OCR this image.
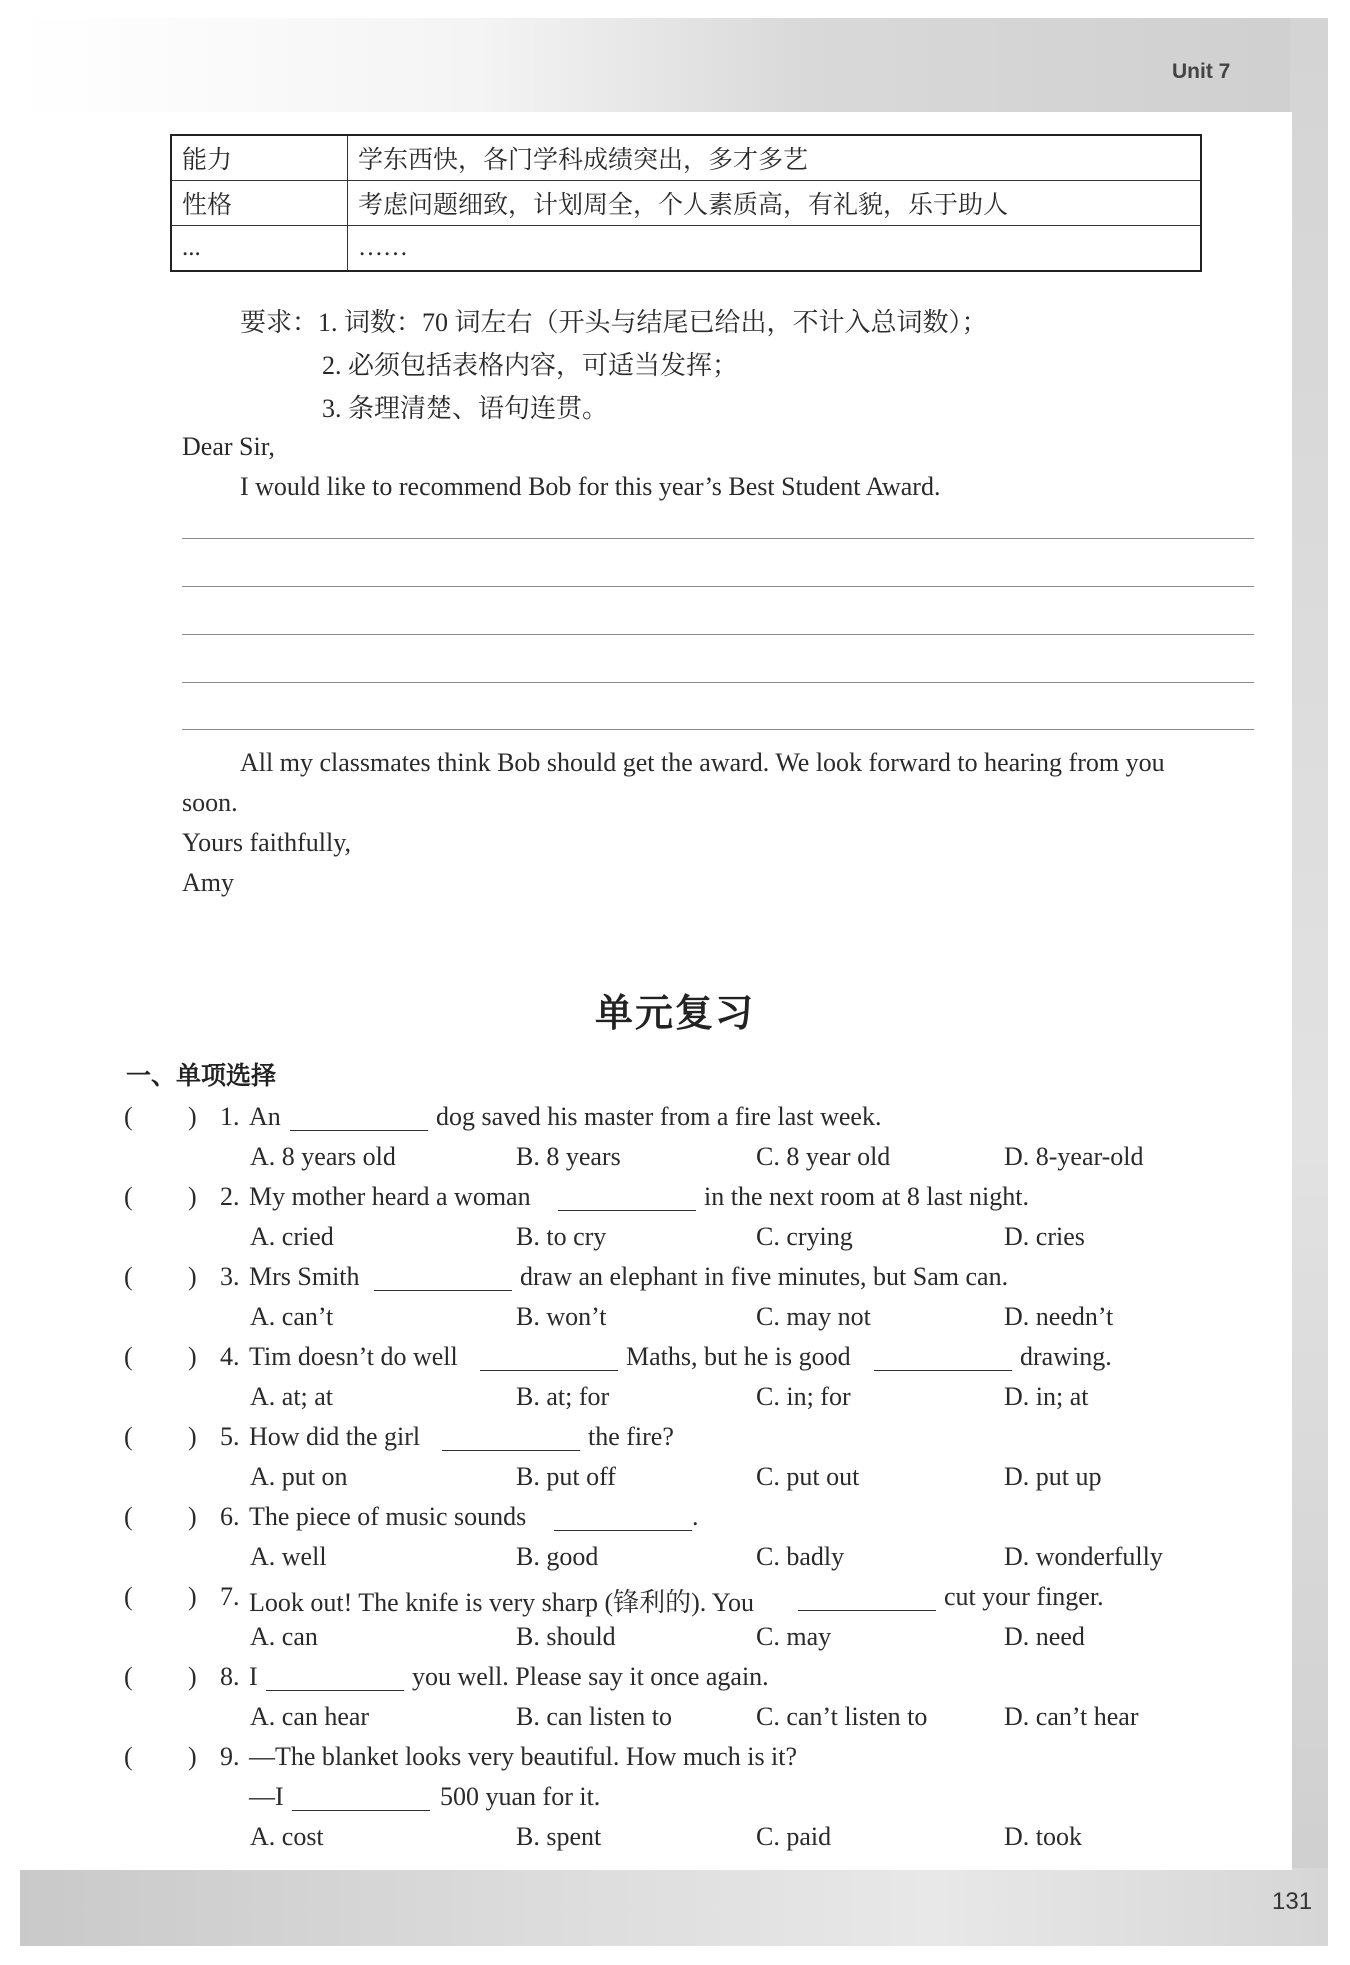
Unit 7
能力	学东西快，各门学科成绩突出，多才多艺
性格	考虑问题细致，计划周全，个人素质高，有礼貌，乐于助人
...	……
要求：1. 词数：70 词左右（开头与结尾已给出，不计入总词数）；
2. 必须包括表格内容，可适当发挥；
3. 条理清楚、语句连贯。
Dear Sir,
I would like to recommend Bob for this year’s Best Student Award.
All my classmates think Bob should get the award. We look forward to hearing from you
soon.
Yours faithfully,
Amy
单元复习
一、单项选择
( ) 1. An	dog saved his master from a fire last week.
A. 8 years old	B. 8 years	C. 8 year old	D. 8-year-old
( ) 2. My mother heard a woman	in the next room at 8 last night.
A. cried	B. to cry	C. crying	D. cries
( ) 3. Mrs Smith	draw an elephant in five minutes, but Sam can.
A. can’t	B. won’t	C. may not	D. needn’t
( ) 4. Tim doesn’t do well	Maths, but he is good	drawing.
A. at; at	B. at; for	C. in; for	D. in; at
( ) 5. How did the girl	the fire?
A. put on	B. put off	C. put out	D. put up
( ) 6. The piece of music sounds	.
A. well	B. good	C. badly	D. wonderfully
( ) 7. Look out! The knife is very sharp (锋利的). You	cut your finger.
A. can	B. should	C. may	D. need
( ) 8. I	you well. Please say it once again.
A. can hear	B. can listen to	C. can’t listen to	D. can’t hear
( ) 9. —The blanket looks very beautiful. How much is it?
—I	500 yuan for it.
A. cost	B. spent	C. paid	D. took
131
